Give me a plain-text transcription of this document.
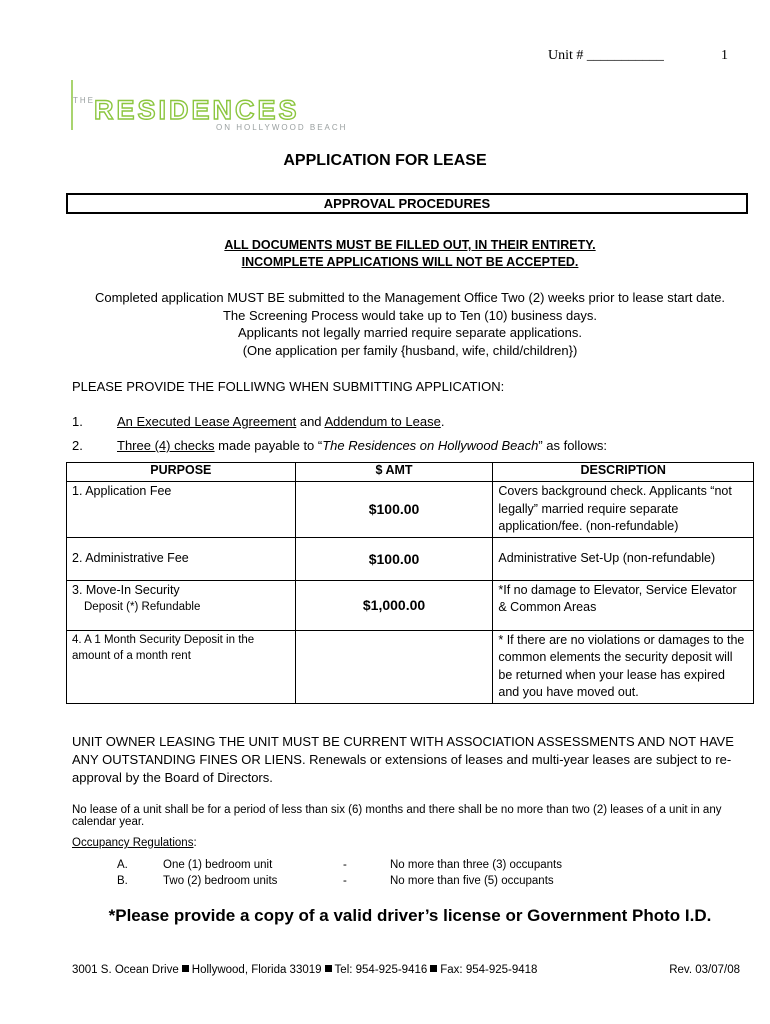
Unit # ___________	1
THE RESIDENCES
ON HOLLYWOOD BEACH
APPLICATION FOR LEASE
APPROVAL PROCEDURES
ALL DOCUMENTS MUST BE FILLED OUT, IN THEIR ENTIRETY.
INCOMPLETE APPLICATIONS WILL NOT BE ACCEPTED.
Completed application MUST BE submitted to the Management Office Two (2) weeks prior to lease start date.
The Screening Process would take up to Ten (10) business days.
Applicants not legally married require separate applications.
(One application per family {husband, wife, child/children})
PLEASE PROVIDE THE FOLLIWNG WHEN SUBMITTING APPLICATION:
1.	An Executed Lease Agreement and Addendum to Lease.
2.	Three (4) checks made payable to “The Residences on Hollywood Beach” as follows:
PURPOSE	$ AMT	DESCRIPTION
1. Application Fee	$100.00	Covers background check. Applicants “not legally” married require separate application/fee. (non-refundable)
2. Administrative Fee	$100.00	Administrative Set-Up (non-refundable)

3. Move-In Security
Deposit (*) Refundable	$1,000.00	*If no damage to Elevator, Service Elevator & Common Areas
4. A 1 Month Security Deposit in the amount of a month rent		* If there are no violations or damages to the common elements the security deposit will be returned when your lease has expired and you have moved out.
UNIT OWNER LEASING THE UNIT MUST BE CURRENT WITH ASSOCIATION ASSESSMENTS AND NOT HAVE ANY OUTSTANDING FINES OR LIENS. Renewals or extensions of leases and multi-year leases are subject to re-approval by the Board of Directors.
No lease of a unit shall be for a period of less than six (6) months and there shall be no more than two (2) leases of a unit in any calendar year.
Occupancy Regulations:
A.	One (1) bedroom unit	-	No more than three (3) occupants
B.	Two (2) bedroom units	-	No more than five (5) occupants
*Please provide a copy of a valid driver’s license or Government Photo I.D.
3001 S. Ocean Drive Hollywood, Florida 33019 Tel: 954-925-9416 Fax: 954-925-9418	Rev. 03/07/08
